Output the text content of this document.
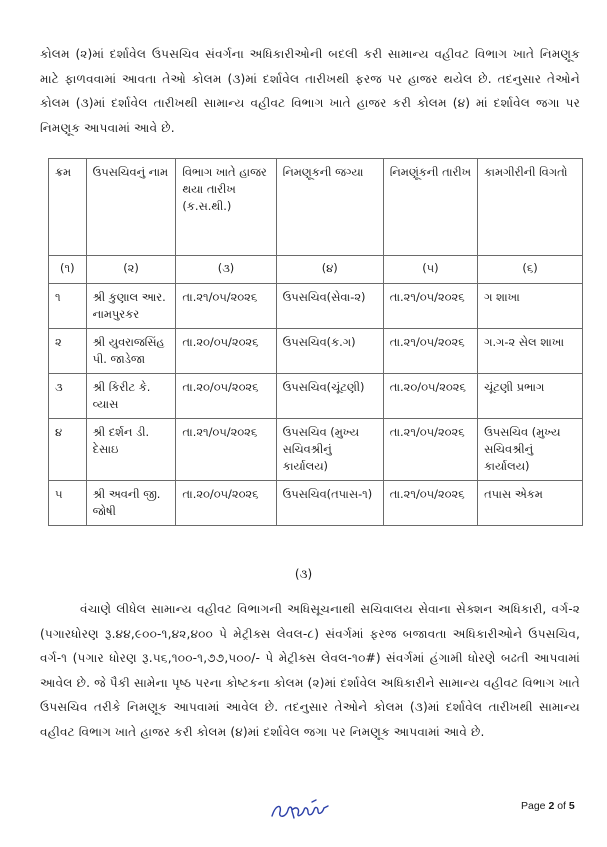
કોલમ (૨)માં દર્શાવેલ ઉપસચિવ સંવર્ગના અધિકારીઓની બદલી કરી સામાન્ય વહીવટ વિભાગ ખાતે નિમણૂક માટે ફાળવવામાં આવતા તેઓ કોલમ (૩)માં દર્શાવેલ તારીખથી ફરજ પર હાજર થયેલ છે. તદનુસાર તેઓને કોલમ (૩)માં દર્શાવેલ તારીખથી સામાન્ય વહીવટ વિભાગ ખાતે હાજર કરી કોલમ (૪) માં દર્શાવેલ જગા પર નિમણૂક આપવામાં આવે છે.
ક્રમ	ઉપસચિવનું નામ	વિભાગ ખાતે હાજર થયા તારીખ (ક.સ.થી.)	નિમણૂકની જગ્યા	નિમણૂંકની તારીખ	કામગીરીની વિગતો
(૧)	(૨)	(૩)	(૪)	(૫)	(૬)
૧	શ્રી કુણાલ આર. નામપુરકર	તા.૨૧/૦૫/૨૦૨૬	ઉપસચિવ(સેવા-૨)	તા.૨૧/૦૫/૨૦૨૬	ગ શાખા
૨	શ્રી યુવરાજસિંહ પી. જાડેજા	તા.૨૦/૦૫/૨૦૨૬	ઉપસચિવ(ક.ગ)	તા.૨૧/૦૫/૨૦૨૬	ગ.ગ-૨ સેલ શાખા
૩	શ્રી કિરીટ કે. વ્યાસ	તા.૨૦/૦૫/૨૦૨૬	ઉપસચિવ(ચૂંટણી)	તા.૨૦/૦૫/૨૦૨૬	ચૂંટણી પ્રભાગ
૪	શ્રી દર્શન ડી. દેસાઇ	તા.૨૧/૦૫/૨૦૨૬	ઉપસચિવ (મુખ્ય સચિવશ્રીનું કાર્યાલય)	તા.૨૧/૦૫/૨૦૨૬	ઉપસચિવ (મુખ્ય સચિવશ્રીનું કાર્યાલય)
૫	શ્રી અવની જી. જોષી	તા.૨૦/૦૫/૨૦૨૬	ઉપસચિવ(તપાસ-૧)	તા.૨૧/૦૫/૨૦૨૬	તપાસ એકમ
(૩)
વંચાણે લીધેલ સામાન્ય વહીવટ વિભાગની અધિસૂચનાથી સચિવાલય સેવાના સેક્શન અધિકારી, વર્ગ-૨ (પગારધોરણ રૂ.૪૪,૯૦૦-૧,૪૨,૪૦૦ પે મેટ્રીક્સ લેવલ-૮) સંવર્ગમાં ફરજ બજાવતા અધિકારીઓને ઉપસચિવ, વર્ગ-૧ (પગાર ધોરણ રૂ.૫૬,૧૦૦-૧,૭૭,૫૦૦/- પે મેટ્રીક્સ લેવલ-૧૦#) સંવર્ગમાં હંગામી ધોરણે બઢતી આપવામાં આવેલ છે. જે પૈકી સામેના પૃષ્ઠ પરના કોષ્ટકના કોલમ (૨)માં દર્શાવેલ અધિકારીને સામાન્ય વહીવટ વિભાગ ખાતે ઉપસચિવ તરીકે નિમણૂક આપવામાં આવેલ છે. તદનુસાર તેઓને કોલમ (૩)માં દર્શાવેલ તારીખથી સામાન્ય વહીવટ વિભાગ ખાતે હાજર કરી કોલમ (૪)માં દર્શાવેલ જગા પર નિમણૂક આપવામાં આવે છે.
Page 2 of 5
